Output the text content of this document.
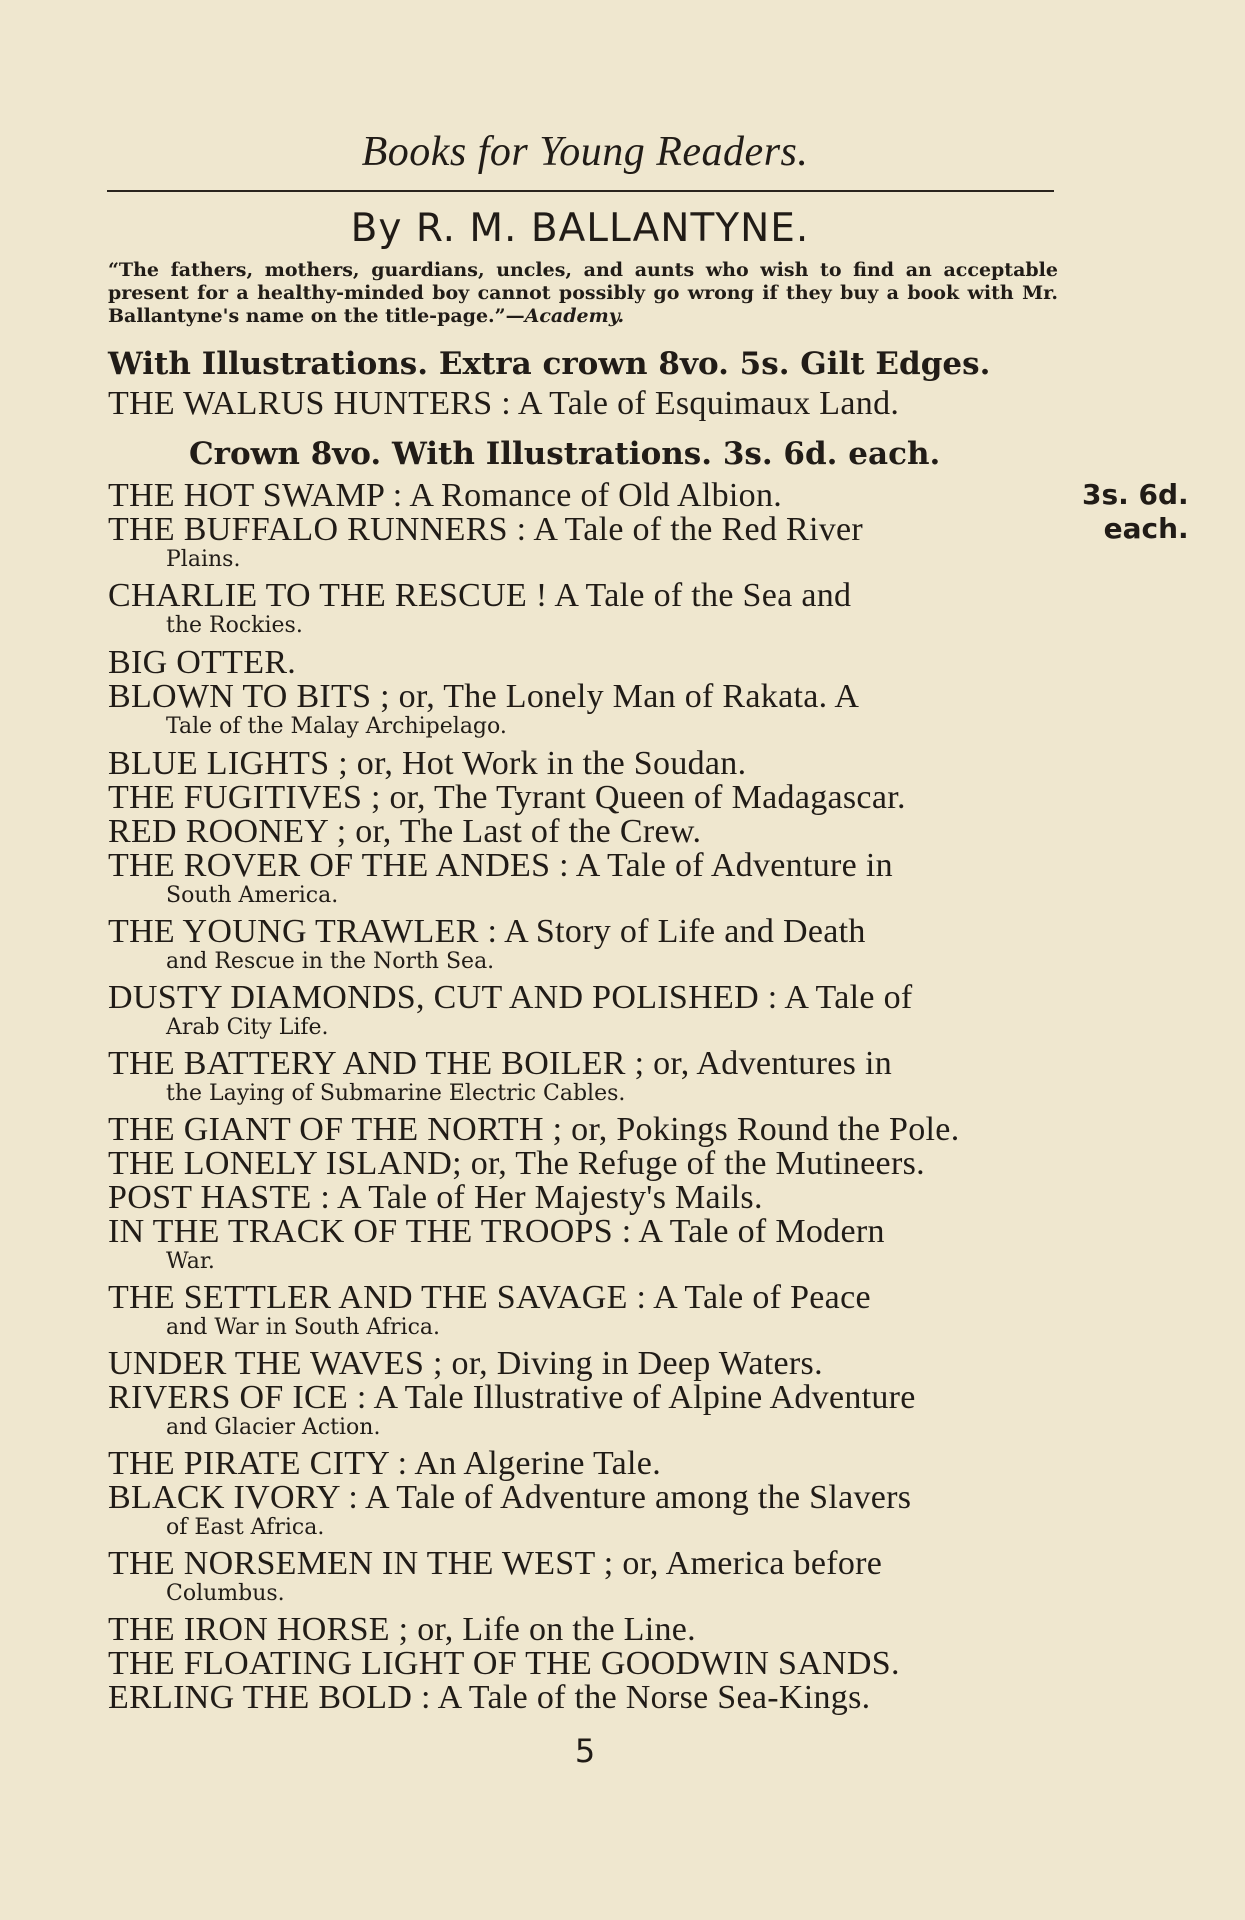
Books for Young Readers.
By R. M. BALLANTYNE.
“The fathers, mothers, guardians, uncles, and aunts who wish to find an acceptable present for a healthy-minded boy cannot possibly go wrong if they buy a book with Mr. Ballantyne's name on the title-page.”—Academy.
With Illustrations. Extra crown 8vo. 5s. Gilt Edges.
THE WALRUS HUNTERS : A Tale of Esquimaux Land.
Crown 8vo. With Illustrations. 3s. 6d. each.
3s. 6d.
each.
THE HOT SWAMP : A Romance of Old Albion.
THE BUFFALO RUNNERS : A Tale of the Red River
Plains.
CHARLIE TO THE RESCUE ! A Tale of the Sea and
the Rockies.
BIG OTTER.
BLOWN TO BITS ; or, The Lonely Man of Rakata. A
Tale of the Malay Archipelago.
BLUE LIGHTS ; or, Hot Work in the Soudan.
THE FUGITIVES ; or, The Tyrant Queen of Madagascar.
RED ROONEY ; or, The Last of the Crew.
THE ROVER OF THE ANDES : A Tale of Adventure in
South America.
THE YOUNG TRAWLER : A Story of Life and Death
and Rescue in the North Sea.
DUSTY DIAMONDS, CUT AND POLISHED : A Tale of
Arab City Life.
THE BATTERY AND THE BOILER ; or, Adventures in
the Laying of Submarine Electric Cables.
THE GIANT OF THE NORTH ; or, Pokings Round the Pole.
THE LONELY ISLAND; or, The Refuge of the Mutineers.
POST HASTE : A Tale of Her Majesty's Mails.
IN THE TRACK OF THE TROOPS : A Tale of Modern
War.
THE SETTLER AND THE SAVAGE : A Tale of Peace
and War in South Africa.
UNDER THE WAVES ; or, Diving in Deep Waters.
RIVERS OF ICE : A Tale Illustrative of Alpine Adventure
and Glacier Action.
THE PIRATE CITY : An Algerine Tale.
BLACK IVORY : A Tale of Adventure among the Slavers
of East Africa.
THE NORSEMEN IN THE WEST ; or, America before
Columbus.
THE IRON HORSE ; or, Life on the Line.
THE FLOATING LIGHT OF THE GOODWIN SANDS.
ERLING THE BOLD : A Tale of the Norse Sea-Kings.
5
